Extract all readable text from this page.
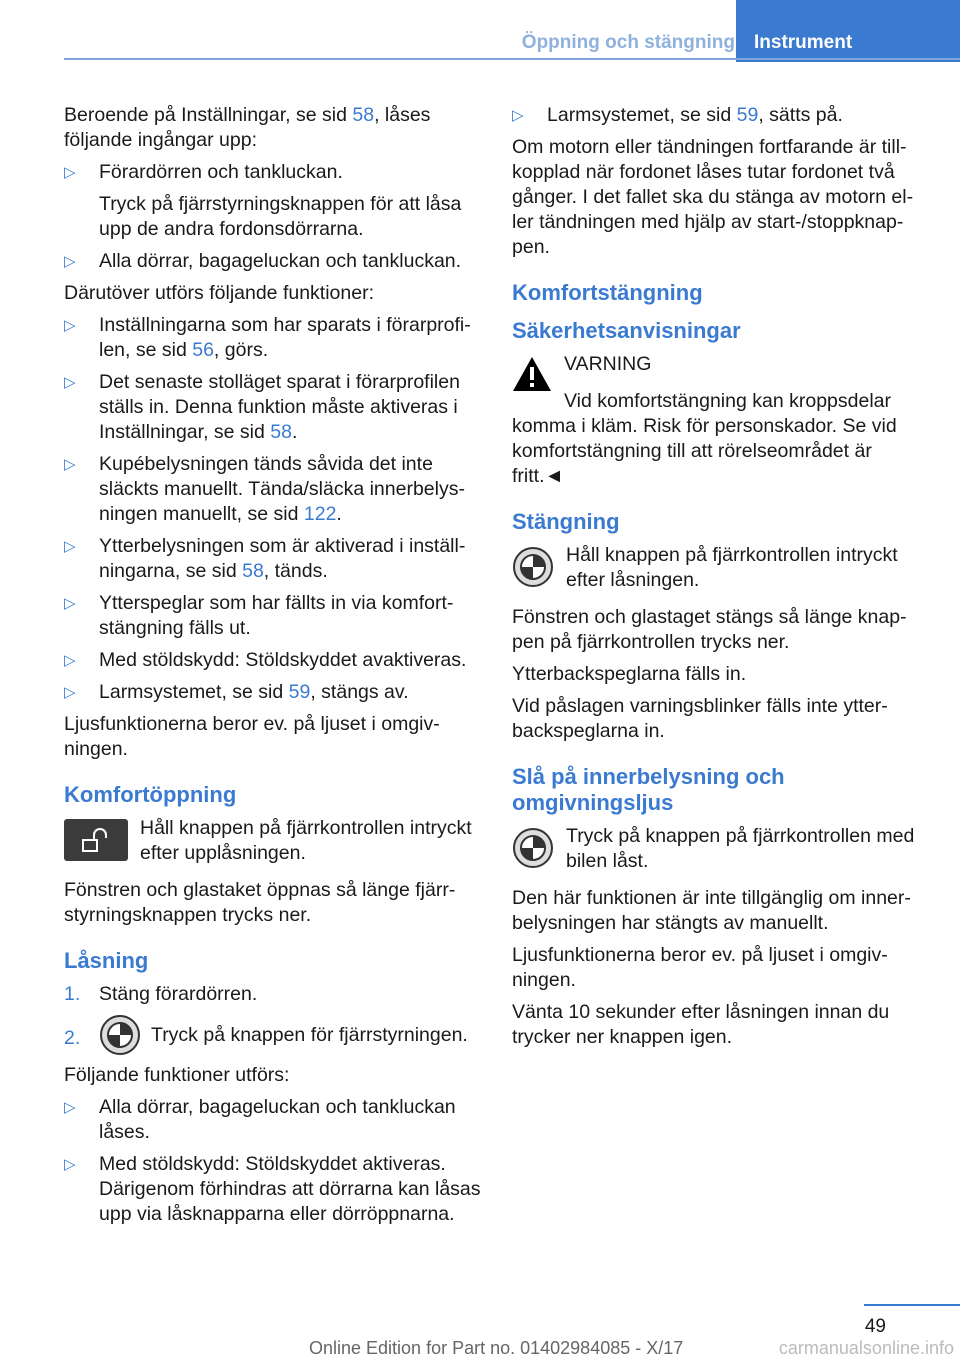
Öppning och stängning	Instrument

Beroende på Inställningar, se sid 58, låses följande ingångar upp:

▷ Förardörren och tankluckan.
Tryck på fjärrstyrningsknappen för att låsa upp de andra fordonsdörrarna.
▷ Alla dörrar, bagageluckan och tankluckan.

Därutöver utförs följande funktioner:

▷ Inställningarna som har sparats i förarprofilen, se sid 56, görs.
▷ Det senaste stolläget sparat i förarprofilen ställs in. Denna funktion måste aktiveras i Inställningar, se sid 58.
▷ Kupébelysningen tänds såvida det inte släckts manuellt. Tända/släcka innerbelysningen manuellt, se sid 122.
▷ Ytterbelysningen som är aktiverad i inställningarna, se sid 58, tänds.
▷ Ytterspeglar som har fällts in via komfortstängning fälls ut.
▷ Med stöldskydd: Stöldskyddet avaktiveras.
▷ Larmsystemet, se sid 59, stängs av.

Ljusfunktionerna beror ev. på ljuset i omgivningen.

Komfortöppning
Håll knappen på fjärrkontrollen intryckt efter upplåsningen.

Fönstren och glastaket öppnas så länge fjärrstyrningsknappen trycks ner.

Låsning
1. Stäng förardörren.
2.	Tryck på knappen för fjärrstyrningen.

Följande funktioner utförs:

▷ Alla dörrar, bagageluckan och tankluckan låses.
▷ Med stöldskydd: Stöldskyddet aktiveras. Därigenom förhindras att dörrarna kan låsas upp via låsknapparna eller dörröppnarna.
▷ Larmsystemet, se sid 59, sätts på.

Om motorn eller tändningen fortfarande är tillkopplad när fordonet låses tutar fordonet två gånger. I det fallet ska du stänga av motorn eller tändningen med hjälp av start-/stoppknappen.

Komfortstängning
Säkerhetsanvisningar
VARNING
Vid komfortstängning kan kroppsdelar komma i kläm. Risk för personskador. Se vid komfortstängning till att rörelseområdet är fritt.◄
Stängning
Håll knappen på fjärrkontrollen intryckt efter låsningen.

Fönstren och glastaget stängs så länge knappen på fjärrkontrollen trycks ner.

Ytterbackspeglarna fälls in.

Vid påslagen varningsblinker fälls inte ytterbackspeglarna in.

Slå på innerbelysning och omgivningsljus
Tryck på knappen på fjärrkontrollen med bilen låst.

Den här funktionen är inte tillgänglig om innerbelysningen har stängts av manuellt.

Ljusfunktionerna beror ev. på ljuset i omgivningen.

Vänta 10 sekunder efter låsningen innan du trycker ner knappen igen.

49
Online Edition for Part no. 01402984085 - X/17	carmanualsonline.info
